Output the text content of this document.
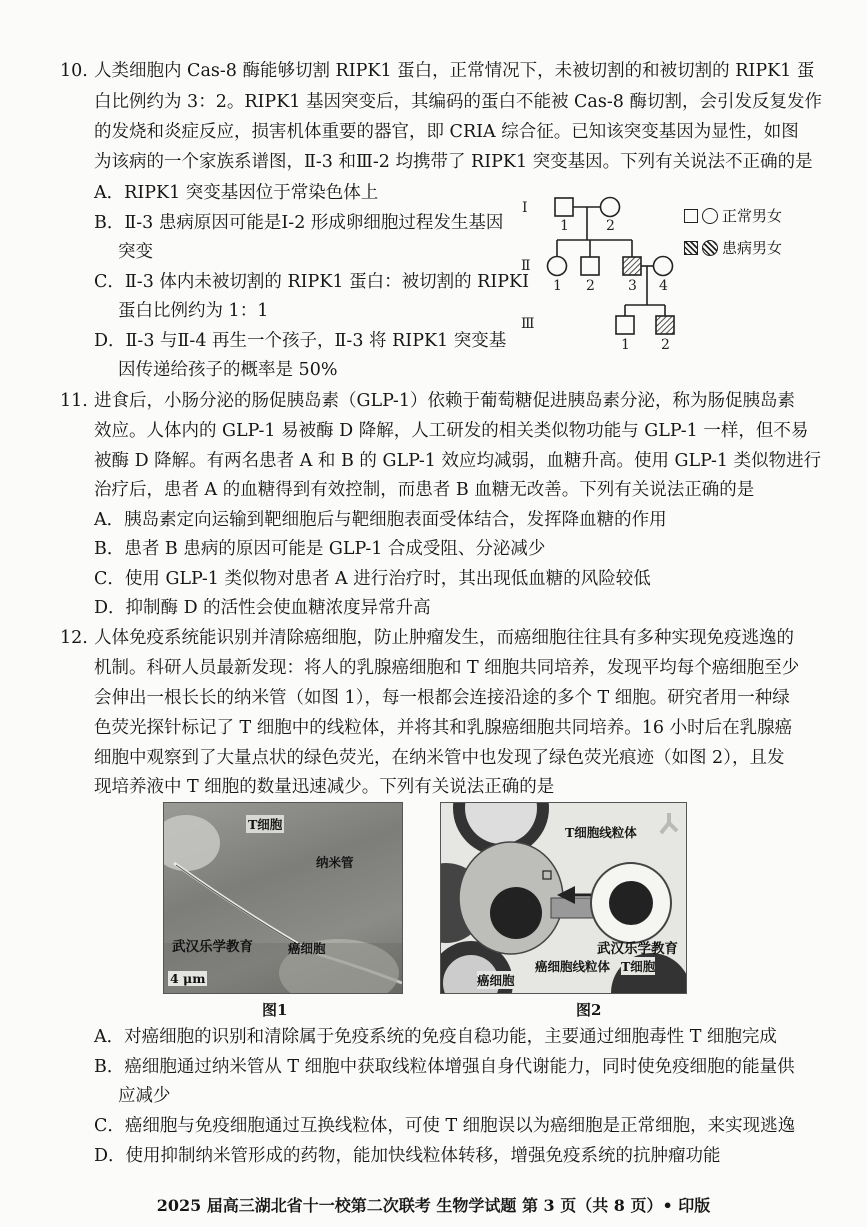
10. 人类细胞内 Cas-8 酶能够切割 RIPK1 蛋白，正常情况下，未被切割的和被切割的 RIPK1 蛋
白比例约为 3：2。RIPK1 基因突变后，其编码的蛋白不能被 Cas-8 酶切割，会引发反复发作
的发烧和炎症反应，损害机体重要的器官，即 CRIA 综合征。已知该突变基因为显性，如图
为该病的一个家族系谱图，Ⅱ-3 和Ⅲ-2 均携带了 RIPK1 突变基因。下列有关说法不正确的是
A．RIPK1 突变基因位于常染色体上
B．Ⅱ-3 患病原因可能是Ⅰ-2 形成卵细胞过程发生基因
突变
C．Ⅱ-3 体内未被切割的 RIPK1 蛋白：被切割的 RIPKI
蛋白比例约为 1：1
D．Ⅱ-3 与Ⅱ-4 再生一个孩子，Ⅱ-3 将 RIPK1 突变基
因传递给孩子的概率是 50%
Ⅰ
Ⅱ
Ⅲ
1	2
1 2 3 4
1 2
正常男女
患病男女
11. 进食后，小肠分泌的肠促胰岛素（GLP-1）依赖于葡萄糖促进胰岛素分泌，称为肠促胰岛素
效应。人体内的 GLP-1 易被酶 D 降解，人工研发的相关类似物功能与 GLP-1 一样，但不易
被酶 D 降解。有两名患者 A 和 B 的 GLP-1 效应均减弱，血糖升高。使用 GLP-1 类似物进行
治疗后，患者 A 的血糖得到有效控制，而患者 B 血糖无改善。下列有关说法正确的是
A．胰岛素定向运输到靶细胞后与靶细胞表面受体结合，发挥降血糖的作用
B．患者 B 患病的原因可能是 GLP-1 合成受阻、分泌减少
C．使用 GLP-1 类似物对患者 A 进行治疗时，其出现低血糖的风险较低
D．抑制酶 D 的活性会使血糖浓度异常升高
12. 人体免疫系统能识别并清除癌细胞，防止肿瘤发生，而癌细胞往往具有多种实现免疫逃逸的
机制。科研人员最新发现：将人的乳腺癌细胞和 T 细胞共同培养，发现平均每个癌细胞至少
会伸出一根长长的纳米管（如图 1），每一根都会连接沿途的多个 T 细胞。研究者用一种绿
色荧光探针标记了 T 细胞中的线粒体，并将其和乳腺癌细胞共同培养。16 小时后在乳腺癌
细胞中观察到了大量点状的绿色荧光，在纳米管中也发现了绿色荧光痕迹（如图 2），且发
现培养液中 T 细胞的数量迅速减少。下列有关说法正确的是
T细胞
纳米管
武汉乐学教育	癌细胞
4 μm
图1
T细胞线粒体
武汉乐学教育
癌细胞
癌细胞线粒体 T细胞
图2
A．对癌细胞的识别和清除属于免疫系统的免疫自稳功能，主要通过细胞毒性 T 细胞完成
B．癌细胞通过纳米管从 T 细胞中获取线粒体增强自身代谢能力，同时使免疫细胞的能量供
应减少
C．癌细胞与免疫细胞通过互换线粒体，可使 T 细胞误以为癌细胞是正常细胞，来实现逃逸
D．使用抑制纳米管形成的药物，能加快线粒体转移，增强免疫系统的抗肿瘤功能
2025 届高三湖北省十一校第二次联考 生物学试题 第 3 页（共 8 页）• 印版
